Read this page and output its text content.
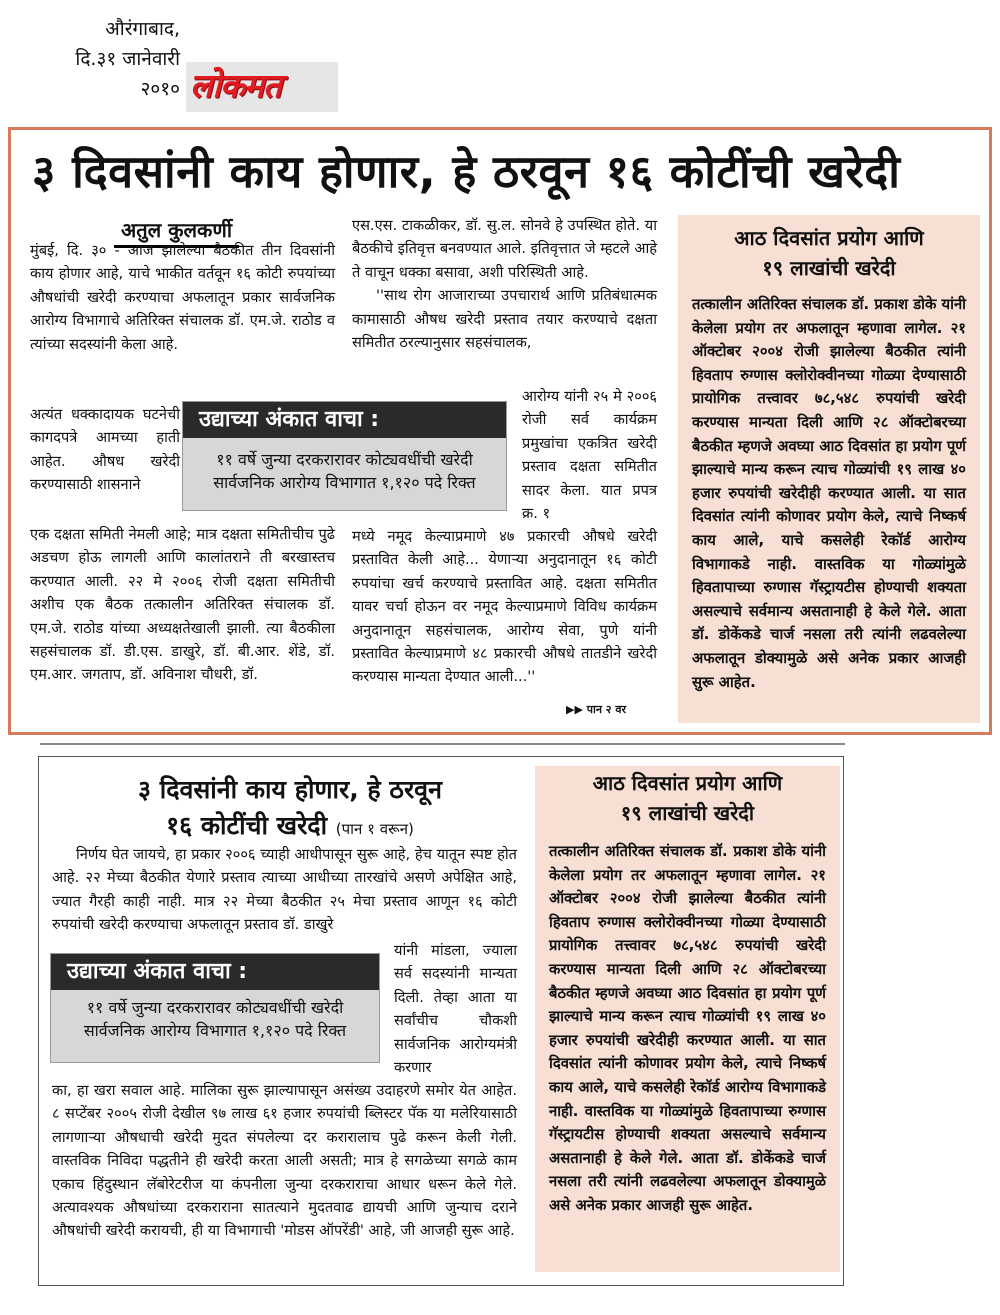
औरंगाबाद,
दि.३१ जानेवारी
२०१० लोकमत
३ दिवसांनी काय होणार, हे ठरवून १६ कोटींची खरेदी
अतुल कुलकर्णी

मुंबई, दि. ३० - आज झालेल्या बैठकीत तीन दिवसांनी काय होणार आहे, याचे भाकीत वर्तवून १६ कोटी रुपयांच्या औषधांची खरेदी करण्याचा अफलातून प्रकार सार्वजनिक आरोग्य विभागाचे अतिरिक्त संचालक डॉ. एम.जे. राठोड व त्यांच्या सदस्यांनी केला आहे.

अत्यंत धक्कादायक घटनेची कागदपत्रे आमच्या हाती आहेत. औषध खरेदी करण्यासाठी शासनाने

एक दक्षता समिती नेमली आहे; मात्र दक्षता समितीचीच पुढे अडचण होऊ लागली आणि कालांतराने ती बरखास्तच करण्यात आली. २२ मे २००६ रोजी दक्षता समितीची अशीच एक बैठक तत्कालीन अतिरिक्त संचालक डॉ. एम.जे. राठोड यांच्या अध्यक्षतेखाली झाली. त्या बैठकीला सहसंचालक डॉ. डी.एस. डाखुरे, डॉ. बी.आर. शेंडे, डॉ. एम.आर. जगताप, डॉ. अविनाश चौधरी, डॉ.

एस.एस. टाकळीकर, डॉ. सु.ल. सोनवे हे उपस्थित होते. या बैठकीचे इतिवृत्त बनवण्यात आले. इतिवृत्तात जे म्हटले आहे ते वाचून धक्का बसावा, अशी परिस्थिती आहे.

''साथ रोग आजाराच्या उपचारार्थ आणि प्रतिबंधात्मक कामासाठी औषध खरेदी प्रस्ताव तयार करण्याचे दक्षता समितीत ठरल्यानुसार सहसंचालक,

आरोग्य यांनी २५ मे २००६ रोजी सर्व कार्यक्रम प्रमुखांचा एकत्रित खरेदी प्रस्ताव दक्षता समितीत सादर केला. यात प्रपत्र क्र. १

मध्ये नमूद केल्याप्रमाणे ४७ प्रकारची औषधे खरेदी प्रस्तावित केली आहे... येणाऱ्या अनुदानातून १६ कोटी रुपयांचा खर्च करण्याचे प्रस्तावित आहे. दक्षता समितीत यावर चर्चा होऊन वर नमूद केल्याप्रमाणे विविध कार्यक्रम अनुदानातून सहसंचालक, आरोग्य सेवा, पुणे यांनी प्रस्तावित केल्याप्रमाणे ४८ प्रकारची औषधे तातडीने खरेदी करण्यास मान्यता देण्यात आली...''

उद्याच्या अंकात वाचा :
११ वर्षे जुन्या दरकरारावर कोट्यवधींची खरेदी
सार्वजनिक आरोग्य विभागात १,१२० पदे रिक्त
▶▶ पान २ वर
आठ दिवसांत प्रयोग आणि
१९ लाखांची खरेदी
तत्कालीन अतिरिक्त संचालक डॉ. प्रकाश डोके यांनी केलेला प्रयोग तर अफलातून म्हणावा लागेल. २१ ऑक्टोबर २००४ रोजी झालेल्या बैठकीत त्यांनी हिवताप रुग्णास क्लोरोक्वीनच्या गोळ्या देण्यासाठी प्रायोगिक तत्त्वावर ७८,५४८ रुपयांची खरेदी करण्यास मान्यता दिली आणि २८ ऑक्टोबरच्या बैठकीत म्हणजे अवघ्या आठ दिवसांत हा प्रयोग पूर्ण झाल्याचे मान्य करून त्याच गोळ्यांची १९ लाख ४० हजार रुपयांची खरेदीही करण्यात आली. या सात दिवसांत त्यांनी कोणावर प्रयोग केले, त्याचे निष्कर्ष काय आले, याचे कसलेही रेकॉर्ड आरोग्य विभागाकडे नाही. वास्तविक या गोळ्यांमुळे हिवतापाच्या रुग्णास गॅस्ट्रायटीस होण्याची शक्यता असल्याचे सर्वमान्य असतानाही हे केले गेले. आता डॉ. डोकेंकडे चार्ज नसला तरी त्यांनी लढवलेल्या अफलातून डोक्यामुळे असे अनेक प्रकार आजही सुरू आहेत.
३ दिवसांनी काय होणार, हे ठरवून
१६ कोटींची खरेदी (पान १ वरून)

निर्णय घेत जायचे, हा प्रकार २००६ च्याही आधीपासून सुरू आहे, हेच यातून स्पष्ट होत आहे. २२ मेच्या बैठकीत येणारे प्रस्ताव त्याच्या आधीच्या तारखांचे असणे अपेक्षित आहे, ज्यात गैरही काही नाही. मात्र २२ मेच्या बैठकीत २५ मेचा प्रस्ताव आणून १६ कोटी रुपयांची खरेदी करण्याचा अफलातून प्रस्ताव डॉ. डाखुरे

यांनी मांडला, ज्याला सर्व सदस्यांनी मान्यता दिली. तेव्हा आता या सर्वांचीच चौकशी सार्वजनिक आरोग्यमंत्री करणार

का, हा खरा सवाल आहे. मालिका सुरू झाल्यापासून असंख्य उदाहरणे समोर येत आहेत. ८ सप्टेंबर २००५ रोजी देखील ९७ लाख ६१ हजार रुपयांची ब्लिस्टर पॅक या मलेरियासाठी लागणाऱ्या औषधाची खरेदी मुदत संपलेल्या दर करारालाच पुढे करून केली गेली. वास्तविक निविदा पद्धतीने ही खरेदी करता आली असती; मात्र हे सगळेच्या सगळे काम एकाच हिंदुस्थान लॅबोरेटरीज या कंपनीला जुन्या दरकराराचा आधार धरून केले गेले. अत्यावश्यक औषधांच्या दरकराराना सातत्याने मुदतवाढ द्यायची आणि जुन्याच दराने औषधांची खरेदी करायची, ही या विभागाची 'मोडस ऑपरेंडी' आहे, जी आजही सुरू आहे.

उद्याच्या अंकात वाचा :
११ वर्षे जुन्या दरकरारावर कोट्यवधींची खरेदी
सार्वजनिक आरोग्य विभागात १,१२० पदे रिक्त
आठ दिवसांत प्रयोग आणि
१९ लाखांची खरेदी
तत्कालीन अतिरिक्त संचालक डॉ. प्रकाश डोके यांनी केलेला प्रयोग तर अफलातून म्हणावा लागेल. २१ ऑक्टोबर २००४ रोजी झालेल्या बैठकीत त्यांनी हिवताप रुग्णास क्लोरोक्वीनच्या गोळ्या देण्यासाठी प्रायोगिक तत्त्वावर ७८,५४८ रुपयांची खरेदी करण्यास मान्यता दिली आणि २८ ऑक्टोबरच्या बैठकीत म्हणजे अवघ्या आठ दिवसांत हा प्रयोग पूर्ण झाल्याचे मान्य करून त्याच गोळ्यांची १९ लाख ४० हजार रुपयांची खरेदीही करण्यात आली. या सात दिवसांत त्यांनी कोणावर प्रयोग केले, त्याचे निष्कर्ष काय आले, याचे कसलेही रेकॉर्ड आरोग्य विभागाकडे नाही. वास्तविक या गोळ्यांमुळे हिवतापाच्या रुग्णास गॅस्ट्रायटीस होण्याची शक्यता असल्याचे सर्वमान्य असतानाही हे केले गेले. आता डॉ. डोकेंकडे चार्ज नसला तरी त्यांनी लढवलेल्या अफलातून डोक्यामुळे असे अनेक प्रकार आजही सुरू आहेत.
